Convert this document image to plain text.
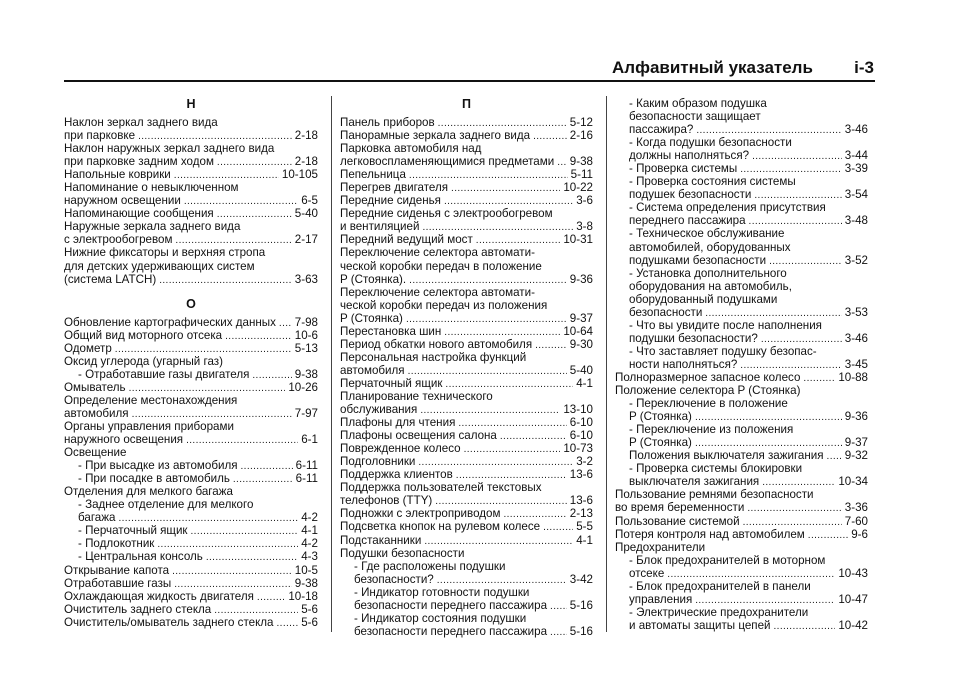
Алфавитный указатель i-3
Н
Наклон зеркал заднего вида
при парковке . . .	2-18
Наклон наружных зеркал заднего вида
при парковке задним ходом . . .	2-18
Напольные коврики . . .	10-105
Напоминание о невыключенном
наружном освещении . . .	6-5
Напоминающие сообщения . . .	5-40
Наружные зеркала заднего вида
с электрообогревом . . .	2-17
Нижние фиксаторы и верхняя стропа
для детских удерживающих систем
(система LATCH) . . .	3-63
О
Обновление картографических данных . . . 7-98
Общий вид моторного отсека . . .	10-6
Одометр . . .	5-13
Оксид углерода (угарный газ)
- Отработавшие газы двигателя . . .	9-38
Омыватель . . .	10-26
Определение местонахождения
автомобиля . . .	7-97
Органы управления приборами
наружного освещения . . .	6-1
Освещение
- При высадке из автомобиля . . .	6-11
- При посадке в автомобиль . . .	6-11
Отделения для мелкого багажа
- Заднее отделение для мелкого
багажа . . .	4-2
- Перчаточный ящик . . .	4-1
- Подлокотник . . .	4-2
- Центральная консоль . . .	4-3
Открывание капота . . .	10-5
Отработавшие газы . . .	9-38
Охлаждающая жидкость двигателя . . .	10-18
Очиститель заднего стекла . . .	5-6
Очиститель/омыватель заднего стекла . . . 5-6
П
Панель приборов . . .	5-12
Панорамные зеркала заднего вида . . .	2-16
Парковка автомобиля над
легковоспламеняющимися предметами . . . 9-38
Пепельница . . .	5-11
Перегрев двигателя . . .	10-22
Передние сиденья . . .	3-6
Передние сиденья с электрообогревом
и вентиляцией . . .	3-8
Передний ведущий мост . . .	10-31
Переключение селектора автомати-
ческой коробки передач в положение
P (Стоянка). . . .	9-36
Переключение селектора автомати-
ческой коробки передач из положения
P (Стоянка) . . .	9-37
Перестановка шин . . .	10-64
Период обкатки нового автомобиля . . .	9-30
Персональная настройка функций
автомобиля . . .	5-40
Перчаточный ящик . . .	4-1
Планирование технического
обслуживания . . .	13-10
Плафоны для чтения . . .	6-10
Плафоны освещения салона . . .	6-10
Поврежденное колесо . . .	10-73
Подголовники . . .	3-2
Поддержка клиентов . . .	13-6
Поддержка пользователей текстовых
телефонов (TTY) . . .	13-6
Подножки с электроприводом . . .	2-13
Подсветка кнопок на рулевом колесе . . .	5-5
Подстаканники . . .	4-1
Подушки безопасности
- Где расположены подушки
безопасности? . . .	3-42
- Индикатор готовности подушки
безопасности переднего пассажира . . . 5-16
- Индикатор состояния подушки
безопасности переднего пассажира . . . 5-16
- Каким образом подушка
безопасности защищает
пассажира? . . .	3-46
- Когда подушки безопасности
должны наполняться? . . .	3-44
- Проверка системы . . .	3-39
- Проверка состояния системы
подушек безопасности . . .	3-54
- Система определения присутствия
переднего пассажира . . .	3-48
- Техническое обслуживание
автомобилей, оборудованных
подушками безопасности . . .	3-52
- Установка дополнительного
оборудования на автомобиль,
оборудованный подушками
безопасности . . .	3-53
- Что вы увидите после наполнения
подушки безопасности? . . .	3-46
- Что заставляет подушку безопас-
ности наполняться? . . .	3-45
Полноразмерное запасное колесо . . .	10-88
Положение селектора P (Стоянка)
- Переключение в положение
P (Стоянка) . . .	9-36
- Переключение из положения
P (Стоянка) . . .	9-37
Положения выключателя зажигания . . . 9-32
- Проверка системы блокировки
выключателя зажигания . . .	10-34
Пользование ремнями безопасности
во время беременности . . .	3-36
Пользование системой . . .	7-60
Потеря контроля над автомобилем . . .	9-6
Предохранители
- Блок предохранителей в моторном
отсеке . . .	10-43
- Блок предохранителей в панели
управления . . .	10-47
- Электрические предохранители
и автоматы защиты цепей . . .	10-42
